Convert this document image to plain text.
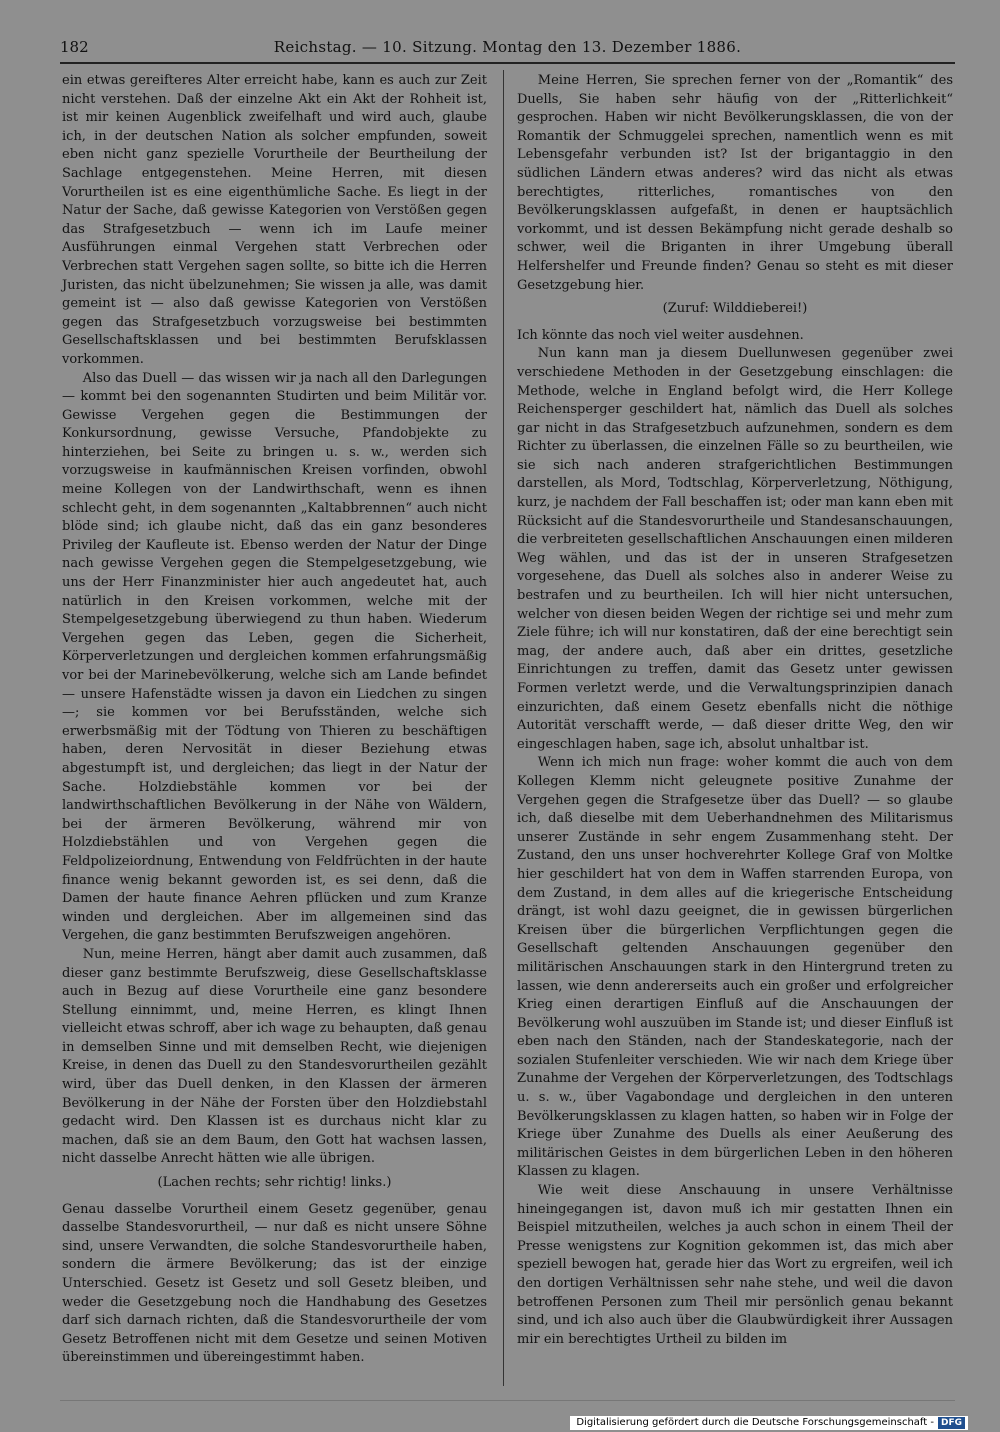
182	Reichstag. — 10. Sitzung. Montag den 13. Dezember 1886.

ein etwas gereifteres Alter erreicht habe, kann es auch zur Zeit nicht verstehen. Daß der einzelne Akt ein Akt der Rohheit ist, ist mir keinen Augenblick zweifelhaft und wird auch, glaube ich, in der deutschen Nation als solcher empfunden, soweit eben nicht ganz spezielle Vorurtheile der Beurtheilung der Sachlage entgegenstehen. Meine Herren, mit diesen Vorurtheilen ist es eine eigenthümliche Sache. Es liegt in der Natur der Sache, daß gewisse Kategorien von Verstößen gegen das Strafgesetzbuch — wenn ich im Laufe meiner Ausführungen einmal Vergehen statt Verbrechen oder Verbrechen statt Vergehen sagen sollte, so bitte ich die Herren Juristen, das nicht übelzunehmen; Sie wissen ja alle, was damit gemeint ist — also daß gewisse Kategorien von Verstößen gegen das Strafgesetzbuch vorzugsweise bei bestimmten Gesellschaftsklassen und bei bestimmten Berufsklassen vorkommen.

Also das Duell — das wissen wir ja nach all den Darlegungen — kommt bei den sogenannten Studirten und beim Militär vor. Gewisse Vergehen gegen die Bestimmungen der Konkursordnung, gewisse Versuche, Pfandobjekte zu hinterziehen, bei Seite zu bringen u. s. w., werden sich vorzugsweise in kaufmännischen Kreisen vorfinden, obwohl meine Kollegen von der Landwirthschaft, wenn es ihnen schlecht geht, in dem sogenannten „Kaltabbrennen“ auch nicht blöde sind; ich glaube nicht, daß das ein ganz besonderes Privileg der Kaufleute ist. Ebenso werden der Natur der Dinge nach gewisse Vergehen gegen die Stempelgesetzgebung, wie uns der Herr Finanzminister hier auch angedeutet hat, auch natürlich in den Kreisen vorkommen, welche mit der Stempelgesetzgebung überwiegend zu thun haben. Wiederum Vergehen gegen das Leben, gegen die Sicherheit, Körperverletzungen und dergleichen kommen erfahrungsmäßig vor bei der Marinebevölkerung, welche sich am Lande befindet — unsere Hafenstädte wissen ja davon ein Liedchen zu singen —; sie kommen vor bei Berufsständen, welche sich erwerbsmäßig mit der Tödtung von Thieren zu beschäftigen haben, deren Nervosität in dieser Beziehung etwas abgestumpft ist, und dergleichen; das liegt in der Natur der Sache. Holzdiebstähle kommen vor bei der landwirthschaftlichen Bevölkerung in der Nähe von Wäldern, bei der ärmeren Bevölkerung, während mir von Holzdiebstählen und von Vergehen gegen die Feldpolizeiordnung, Entwendung von Feldfrüchten in der haute finance wenig bekannt geworden ist, es sei denn, daß die Damen der haute finance Aehren pflücken und zum Kranze winden und dergleichen. Aber im allgemeinen sind das Vergehen, die ganz bestimmten Berufszweigen angehören.

Nun, meine Herren, hängt aber damit auch zusammen, daß dieser ganz bestimmte Berufszweig, diese Gesellschaftsklasse auch in Bezug auf diese Vorurtheile eine ganz besondere Stellung einnimmt, und, meine Herren, es klingt Ihnen vielleicht etwas schroff, aber ich wage zu behaupten, daß genau in demselben Sinne und mit demselben Recht, wie diejenigen Kreise, in denen das Duell zu den Standesvorurtheilen gezählt wird, über das Duell denken, in den Klassen der ärmeren Bevölkerung in der Nähe der Forsten über den Holzdiebstahl gedacht wird. Den Klassen ist es durchaus nicht klar zu machen, daß sie an dem Baum, den Gott hat wachsen lassen, nicht dasselbe Anrecht hätten wie alle übrigen.

(Lachen rechts; sehr richtig! links.)

Genau dasselbe Vorurtheil einem Gesetz gegenüber, genau dasselbe Standesvorurtheil, — nur daß es nicht unsere Söhne sind, unsere Verwandten, die solche Standesvorurtheile haben, sondern die ärmere Bevölkerung; das ist der einzige Unterschied. Gesetz ist Gesetz und soll Gesetz bleiben, und weder die Gesetzgebung noch die Handhabung des Gesetzes darf sich darnach richten, daß die Standesvorurtheile der vom Gesetz Betroffenen nicht mit dem Gesetze und seinen Motiven übereinstimmen und übereingestimmt haben.

Meine Herren, Sie sprechen ferner von der „Romantik“ des Duells, Sie haben sehr häufig von der „Ritterlichkeit“ gesprochen. Haben wir nicht Bevölkerungsklassen, die von der Romantik der Schmuggelei sprechen, namentlich wenn es mit Lebensgefahr verbunden ist? Ist der brigantaggio in den südlichen Ländern etwas anderes? wird das nicht als etwas berechtigtes, ritterliches, romantisches von den Bevölkerungsklassen aufgefaßt, in denen er hauptsächlich vorkommt, und ist dessen Bekämpfung nicht gerade deshalb so schwer, weil die Briganten in ihrer Umgebung überall Helfershelfer und Freunde finden? Genau so steht es mit dieser Gesetzgebung hier.

(Zuruf: Wilddieberei!)

Ich könnte das noch viel weiter ausdehnen.

Nun kann man ja diesem Duellunwesen gegenüber zwei verschiedene Methoden in der Gesetzgebung einschlagen: die Methode, welche in England befolgt wird, die Herr Kollege Reichensperger geschildert hat, nämlich das Duell als solches gar nicht in das Strafgesetzbuch aufzunehmen, sondern es dem Richter zu überlassen, die einzelnen Fälle so zu beurtheilen, wie sie sich nach anderen strafgerichtlichen Bestimmungen darstellen, als Mord, Todtschlag, Körperverletzung, Nöthigung, kurz, je nachdem der Fall beschaffen ist; oder man kann eben mit Rücksicht auf die Standesvorurtheile und Standesanschauungen, die verbreiteten gesellschaftlichen Anschauungen einen milderen Weg wählen, und das ist der in unseren Strafgesetzen vorgesehene, das Duell als solches also in anderer Weise zu bestrafen und zu beurtheilen. Ich will hier nicht untersuchen, welcher von diesen beiden Wegen der richtige sei und mehr zum Ziele führe; ich will nur konstatiren, daß der eine berechtigt sein mag, der andere auch, daß aber ein drittes, gesetzliche Einrichtungen zu treffen, damit das Gesetz unter gewissen Formen verletzt werde, und die Verwaltungsprinzipien danach einzurichten, daß einem Gesetz ebenfalls nicht die nöthige Autorität verschafft werde, — daß dieser dritte Weg, den wir eingeschlagen haben, sage ich, absolut unhaltbar ist.

Wenn ich mich nun frage: woher kommt die auch von dem Kollegen Klemm nicht geleugnete positive Zunahme der Vergehen gegen die Strafgesetze über das Duell? — so glaube ich, daß dieselbe mit dem Ueberhandnehmen des Militarismus unserer Zustände in sehr engem Zusammenhang steht. Der Zustand, den uns unser hochverehrter Kollege Graf von Moltke hier geschildert hat von dem in Waffen starrenden Europa, von dem Zustand, in dem alles auf die kriegerische Entscheidung drängt, ist wohl dazu geeignet, die in gewissen bürgerlichen Kreisen über die bürgerlichen Verpflichtungen gegen die Gesellschaft geltenden Anschauungen gegenüber den militärischen Anschauungen stark in den Hintergrund treten zu lassen, wie denn andererseits auch ein großer und erfolgreicher Krieg einen derartigen Einfluß auf die Anschauungen der Bevölkerung wohl auszuüben im Stande ist; und dieser Einfluß ist eben nach den Ständen, nach der Standeskategorie, nach der sozialen Stufenleiter verschieden. Wie wir nach dem Kriege über Zunahme der Vergehen der Körperverletzungen, des Todtschlags u. s. w., über Vagabondage und dergleichen in den unteren Bevölkerungsklassen zu klagen hatten, so haben wir in Folge der Kriege über Zunahme des Duells als einer Aeußerung des militärischen Geistes in dem bürgerlichen Leben in den höheren Klassen zu klagen.

Wie weit diese Anschauung in unsere Verhältnisse hineingegangen ist, davon muß ich mir gestatten Ihnen ein Beispiel mitzutheilen, welches ja auch schon in einem Theil der Presse wenigstens zur Kognition gekommen ist, das mich aber speziell bewogen hat, gerade hier das Wort zu ergreifen, weil ich den dortigen Verhältnissen sehr nahe stehe, und weil die davon betroffenen Personen zum Theil mir persönlich genau bekannt sind, und ich also auch über die Glaubwürdigkeit ihrer Aussagen mir ein berechtigtes Urtheil zu bilden im

Digitalisierung gefördert durch die Deutsche Forschungsgemeinschaft - DFG
